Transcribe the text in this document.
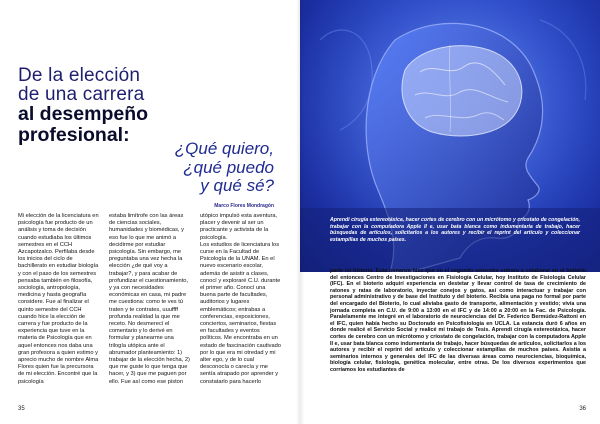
De la elección
de una carrera
al desempeño
profesional:
¿Qué quiero,
¿qué puedo
y qué sé?
Marco Flores Mondragón

Mi elección de la licenciatura en psicología fue producto de un análisis y toma de decisión cuando estudiaba los últimos semestres en el CCH Azcapotzalco. Perfilaba desde los inicios del ciclo de bachillerato en estudiar biología y con el paso de los semestres pensaba también en filosofía, sociología, antropología, medicina y hasta geografía considere. Fue al finalizar el quinto semestre del CCH cuando hice la elección de carrera y fue producto de la experiencia que tuve en la materia de Psicología que en aquel entonces nos daba una gran profesora a quien estimo y aprecio mucho de nombre Alma Flores quien fue la precursora de mi elección. Encontré que la psicología

estaba limítrofe con las áreas de ciencias sociales, humanidades y biomédicas, y eso fue lo que me animó a decidirme por estudiar psicología. Sin embargo, me preguntaba una vez hecha la elección ¿de qué voy a trabajar?, y para acabar de profundizar el cuestionamiento, y ya con necesidades económicas en casa, mi padre me cuestiona: como te ves tú traten y te contrates, uuuffff profunda realidad la que me receto. No desmerecí el comentario y lo derivé en formular y planearme una trilogía utópica ante el abrumador planteamiento: 1) trabajar de la elección hecha, 2) que me guste lo que tenga que hacer, y 3) que me paguen por ello. Fue así como ese piston

utópico impulsó esta aventura, placer y devenir al ser un practicante y activista de la psicología.
Los estudios de licenciatura los curse en la Facultad de Psicología de la UNAM. En el nuevo escenario escolar, además de asistir a clases, conocí y exploraré C.U. durante el primer año. Conocí una buena parte de facultades, auditorios y lugares emblemáticos; entrabas a conferencias, exposiciones, conciertos, seminarios, fiestas en facultades y eventos políticos. Me encontraba en un estado de fascinación cautivado por lo que era mi otredad y mi alter ego, y de lo cual desconocía o carecía y me sentía atrapado por aprender y constatarlo para hacerlo

35
Aprendí cirugía estereotáxica, hacer cortes de cerebro con un micrótomo y criostato de congelación, trabajar con la computadora Apple II e, usar bata blanca como indumentaria de trabajo, hacer búsquedas de artículos, solicitarlos a los autores y recibir el reprint del artículo y coleccionar estampillas de muchos países.

parte mi historia. Esta bonanza hizo que en el segundo semestre entrara a colaborar en el bioterio del entonces Centro de Investigaciones en Fisiología Celular, hoy Instituto de Fisiología Celular (IFC). En el bioterio adquirí experiencia en destetar y llevar control de tasa de crecimiento de ratones y ratas de laboratorio, inyectar conejos y gatos, así como interactuar y trabajar con personal administrativo y de base del Instituto y del bioterio. Recibía una paga no formal por parte del encargado del Bioterio, lo cual aliviaba gasto de transporte, alimentación y vestido; vivía una jornada completa en C.U. de 9:00 a 13:00 en el IFC y de 14:00 a 20:00 en la Fac. de Psicología. Paralelamente me integré en el laboratorio de neurociencias del Dr. Federico Bermúdez-Rattoni en el IFC, quien había hecho su Doctorado en Psicofisiología en UCLA. La estancia duró 6 años en donde realicé el Servicio Social y realicé mi trabajo de Tesis. Aprendí cirugía estereotáxica, hacer cortes de cerebro con un micrótomo y criostato de congelación, trabajar con la computadora Apple II e, usar bata blanca como indumentaria de trabajo, hacer búsquedas de artículos, solicitarlos a los autores y recibir el reprint del artículo y coleccionar estampillas de muchos países. Asistía a seminarios internos y generales del IFC de las diversas áreas como neurociencias, bioquímica, biología celular, fisiología, genética molecular, entre otras. De los diversos experimentos que corríamos los estudiantes de

36
